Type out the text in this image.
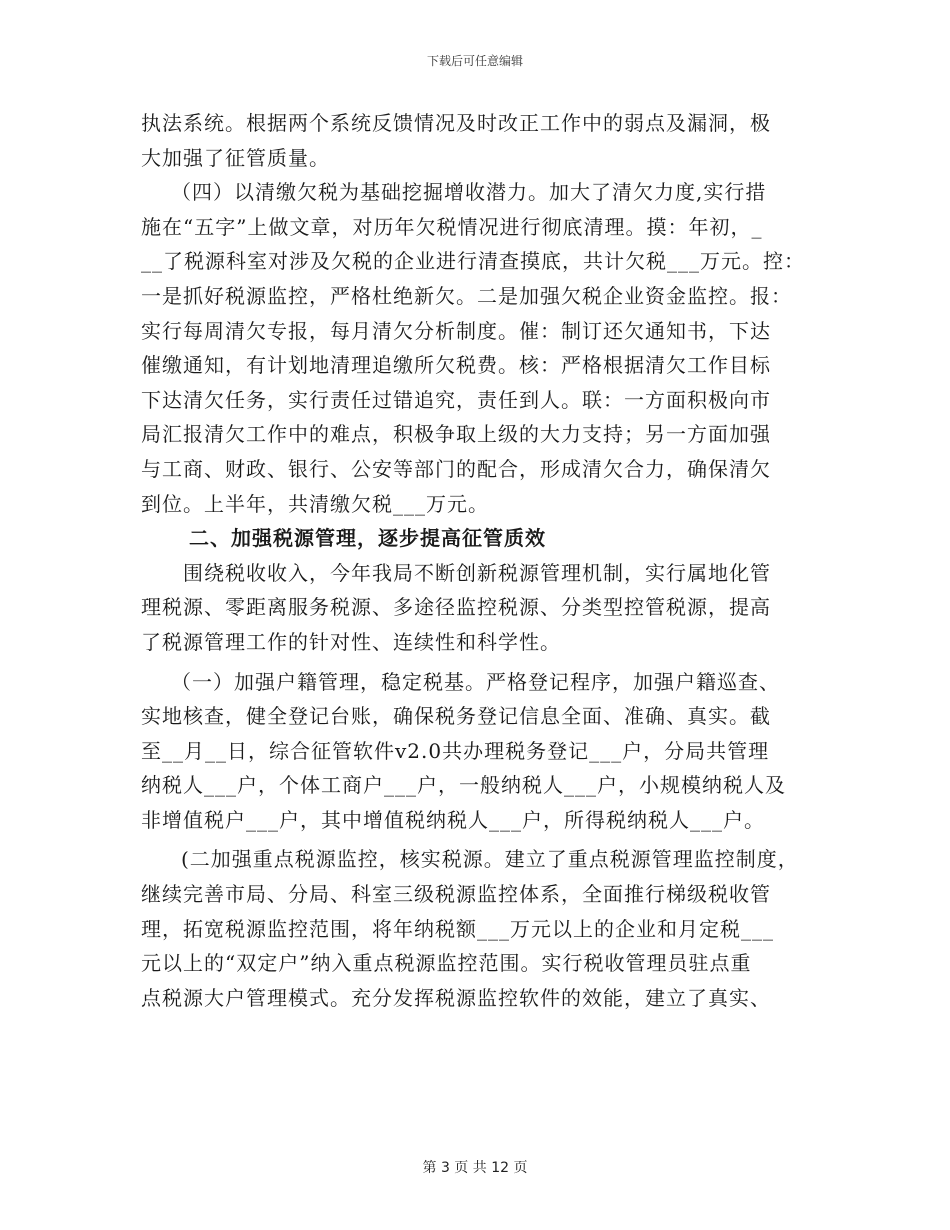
下载后可任意编辑
执法系统。根据两个系统反馈情况及时改正工作中的弱点及漏洞，极
大加强了征管质量。
（四）以清缴欠税为基础挖掘增收潜力。加大了清欠力度,实行措
施在“五字”上做文章，对历年欠税情况进行彻底清理。摸：年初，_
__了税源科室对涉及欠税的企业进行清查摸底，共计欠税___万元。控：
一是抓好税源监控，严格杜绝新欠。二是加强欠税企业资金监控。报：
实行每周清欠专报，每月清欠分析制度。催：制订还欠通知书，下达
催缴通知，有计划地清理追缴所欠税费。核：严格根据清欠工作目标
下达清欠任务，实行责任过错追究，责任到人。联：一方面积极向市
局汇报清欠工作中的难点，积极争取上级的大力支持；另一方面加强
与工商、财政、银行、公安等部门的配合，形成清欠合力，确保清欠
到位。上半年，共清缴欠税___万元。
二、加强税源管理，逐步提高征管质效
围绕税收收入，今年我局不断创新税源管理机制，实行属地化管
理税源、零距离服务税源、多途径监控税源、分类型控管税源，提高
了税源管理工作的针对性、连续性和科学性。
（一）加强户籍管理，稳定税基。严格登记程序，加强户籍巡查、
实地核查，健全登记台账，确保税务登记信息全面、准确、真实。截
至__月__日，综合征管软件v2.0共办理税务登记___户，分局共管理
纳税人___户，个体工商户___户，一般纳税人___户，小规模纳税人及
非增值税户___户，其中增值税纳税人___户，所得税纳税人___户。
(二加强重点税源监控，核实税源。建立了重点税源管理监控制度，
继续完善市局、分局、科室三级税源监控体系，全面推行梯级税收管
理，拓宽税源监控范围，将年纳税额___万元以上的企业和月定税___
元以上的“双定户”纳入重点税源监控范围。实行税收管理员驻点重
点税源大户管理模式。充分发挥税源监控软件的效能，建立了真实、
第 3 页 共 12 页
